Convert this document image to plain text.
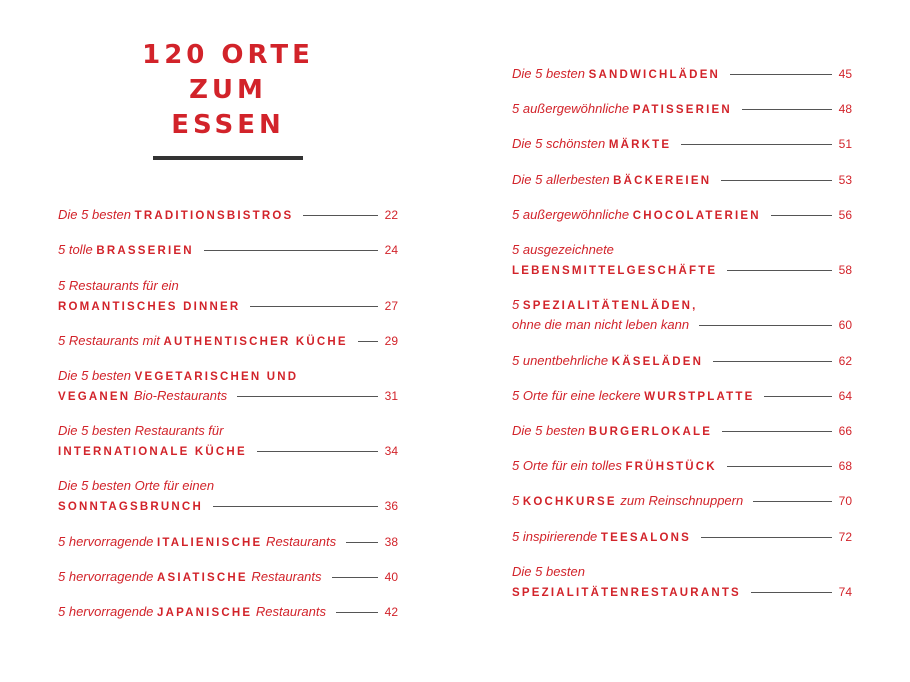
120 ORTE
ZUM
ESSEN
Die 5 besten TRADITIONSBISTROS	22
5 tolle BRASSERIEN	24
5 Restaurants für ein
ROMANTISCHES DINNER	27
5 Restaurants mit AUTHENTISCHER KÜCHE	29
Die 5 besten VEGETARISCHEN UND
VEGANEN Bio-Restaurants	31
Die 5 besten Restaurants für
INTERNATIONALE KÜCHE	34
Die 5 besten Orte für einen
SONNTAGSBRUNCH	36
5 hervorragende ITALIENISCHE Restaurants	38
5 hervorragende ASIATISCHE Restaurants	40
5 hervorragende JAPANISCHE Restaurants	42
Die 5 besten SANDWICHLÄDEN	45
5 außergewöhnliche PATISSERIEN	48
Die 5 schönsten MÄRKTE	51
Die 5 allerbesten BÄCKEREIEN	53
5 außergewöhnliche CHOCOLATERIEN	56
5 ausgezeichnete
LEBENSMITTELGESCHÄFTE	58
5 SPEZIALITÄTENLÄDEN,
ohne die man nicht leben kann	60
5 unentbehrliche KÄSELÄDEN	62
5 Orte für eine leckere WURSTPLATTE	64
Die 5 besten BURGERLOKALE	66
5 Orte für ein tolles FRÜHSTÜCK	68
5 KOCHKURSE zum Reinschnuppern	70
5 inspirierende TEESALONS	72
Die 5 besten
SPEZIALITÄTENRESTAURANTS	74
